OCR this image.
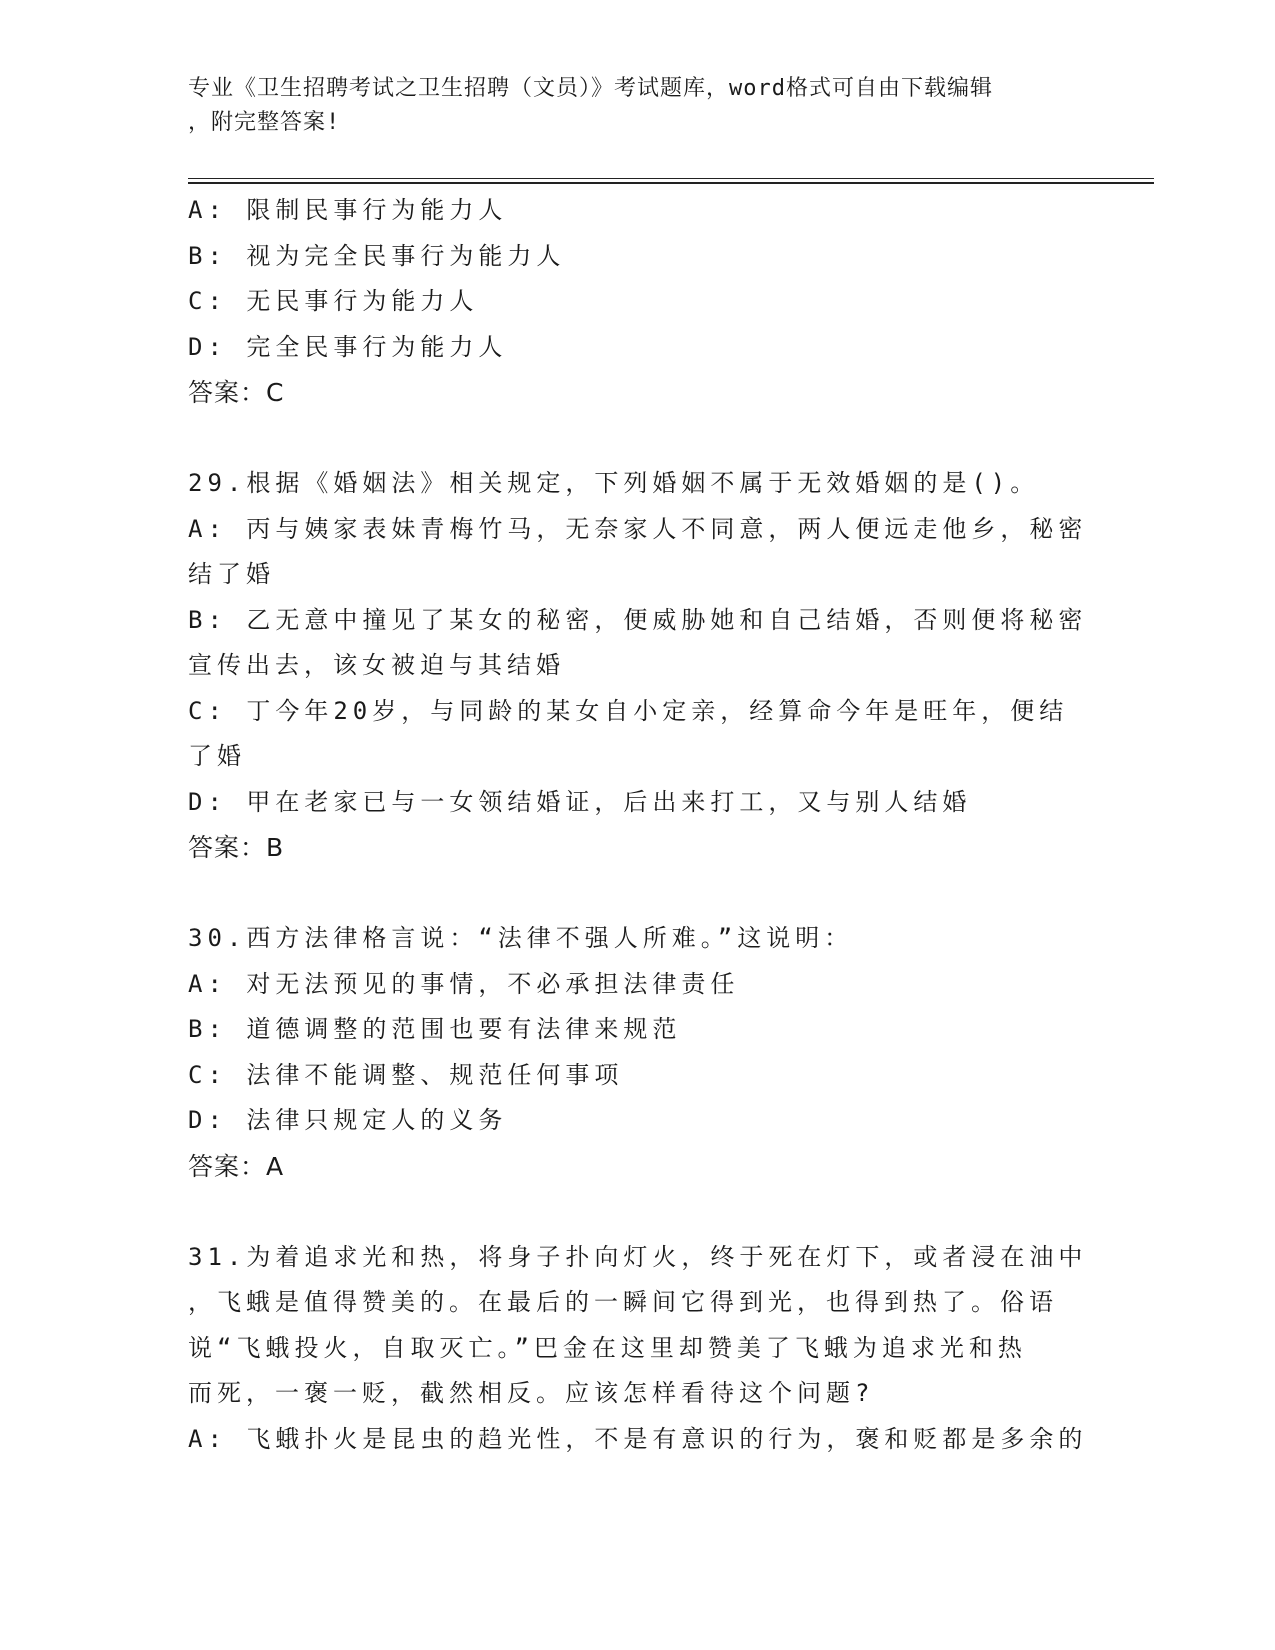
专业《卫生招聘考试之卫生招聘（文员）》考试题库，word格式可自由下载编辑
，附完整答案!
A: 限制民事行为能力人
B: 视为完全民事行为能力人
C: 无民事行为能力人
D: 完全民事行为能力人
答案：C
29.根据《婚姻法》相关规定，下列婚姻不属于无效婚姻的是()。
A: 丙与姨家表妹青梅竹马，无奈家人不同意，两人便远走他乡，秘密
结了婚
B: 乙无意中撞见了某女的秘密，便威胁她和自己结婚，否则便将秘密
宣传出去，该女被迫与其结婚
C: 丁今年20岁，与同龄的某女自小定亲，经算命今年是旺年，便结
了婚
D: 甲在老家已与一女领结婚证，后出来打工，又与别人结婚
答案：B
30.西方法律格言说：“法律不强人所难。”这说明：
A: 对无法预见的事情，不必承担法律责任
B: 道德调整的范围也要有法律来规范
C: 法律不能调整、规范任何事项
D: 法律只规定人的义务
答案：A
31.为着追求光和热，将身子扑向灯火，终于死在灯下，或者浸在油中
，飞蛾是值得赞美的。在最后的一瞬间它得到光，也得到热了。俗语
说“飞蛾投火，自取灭亡。”巴金在这里却赞美了飞蛾为追求光和热
而死，一褒一贬，截然相反。应该怎样看待这个问题?
A: 飞蛾扑火是昆虫的趋光性，不是有意识的行为，褒和贬都是多余的
